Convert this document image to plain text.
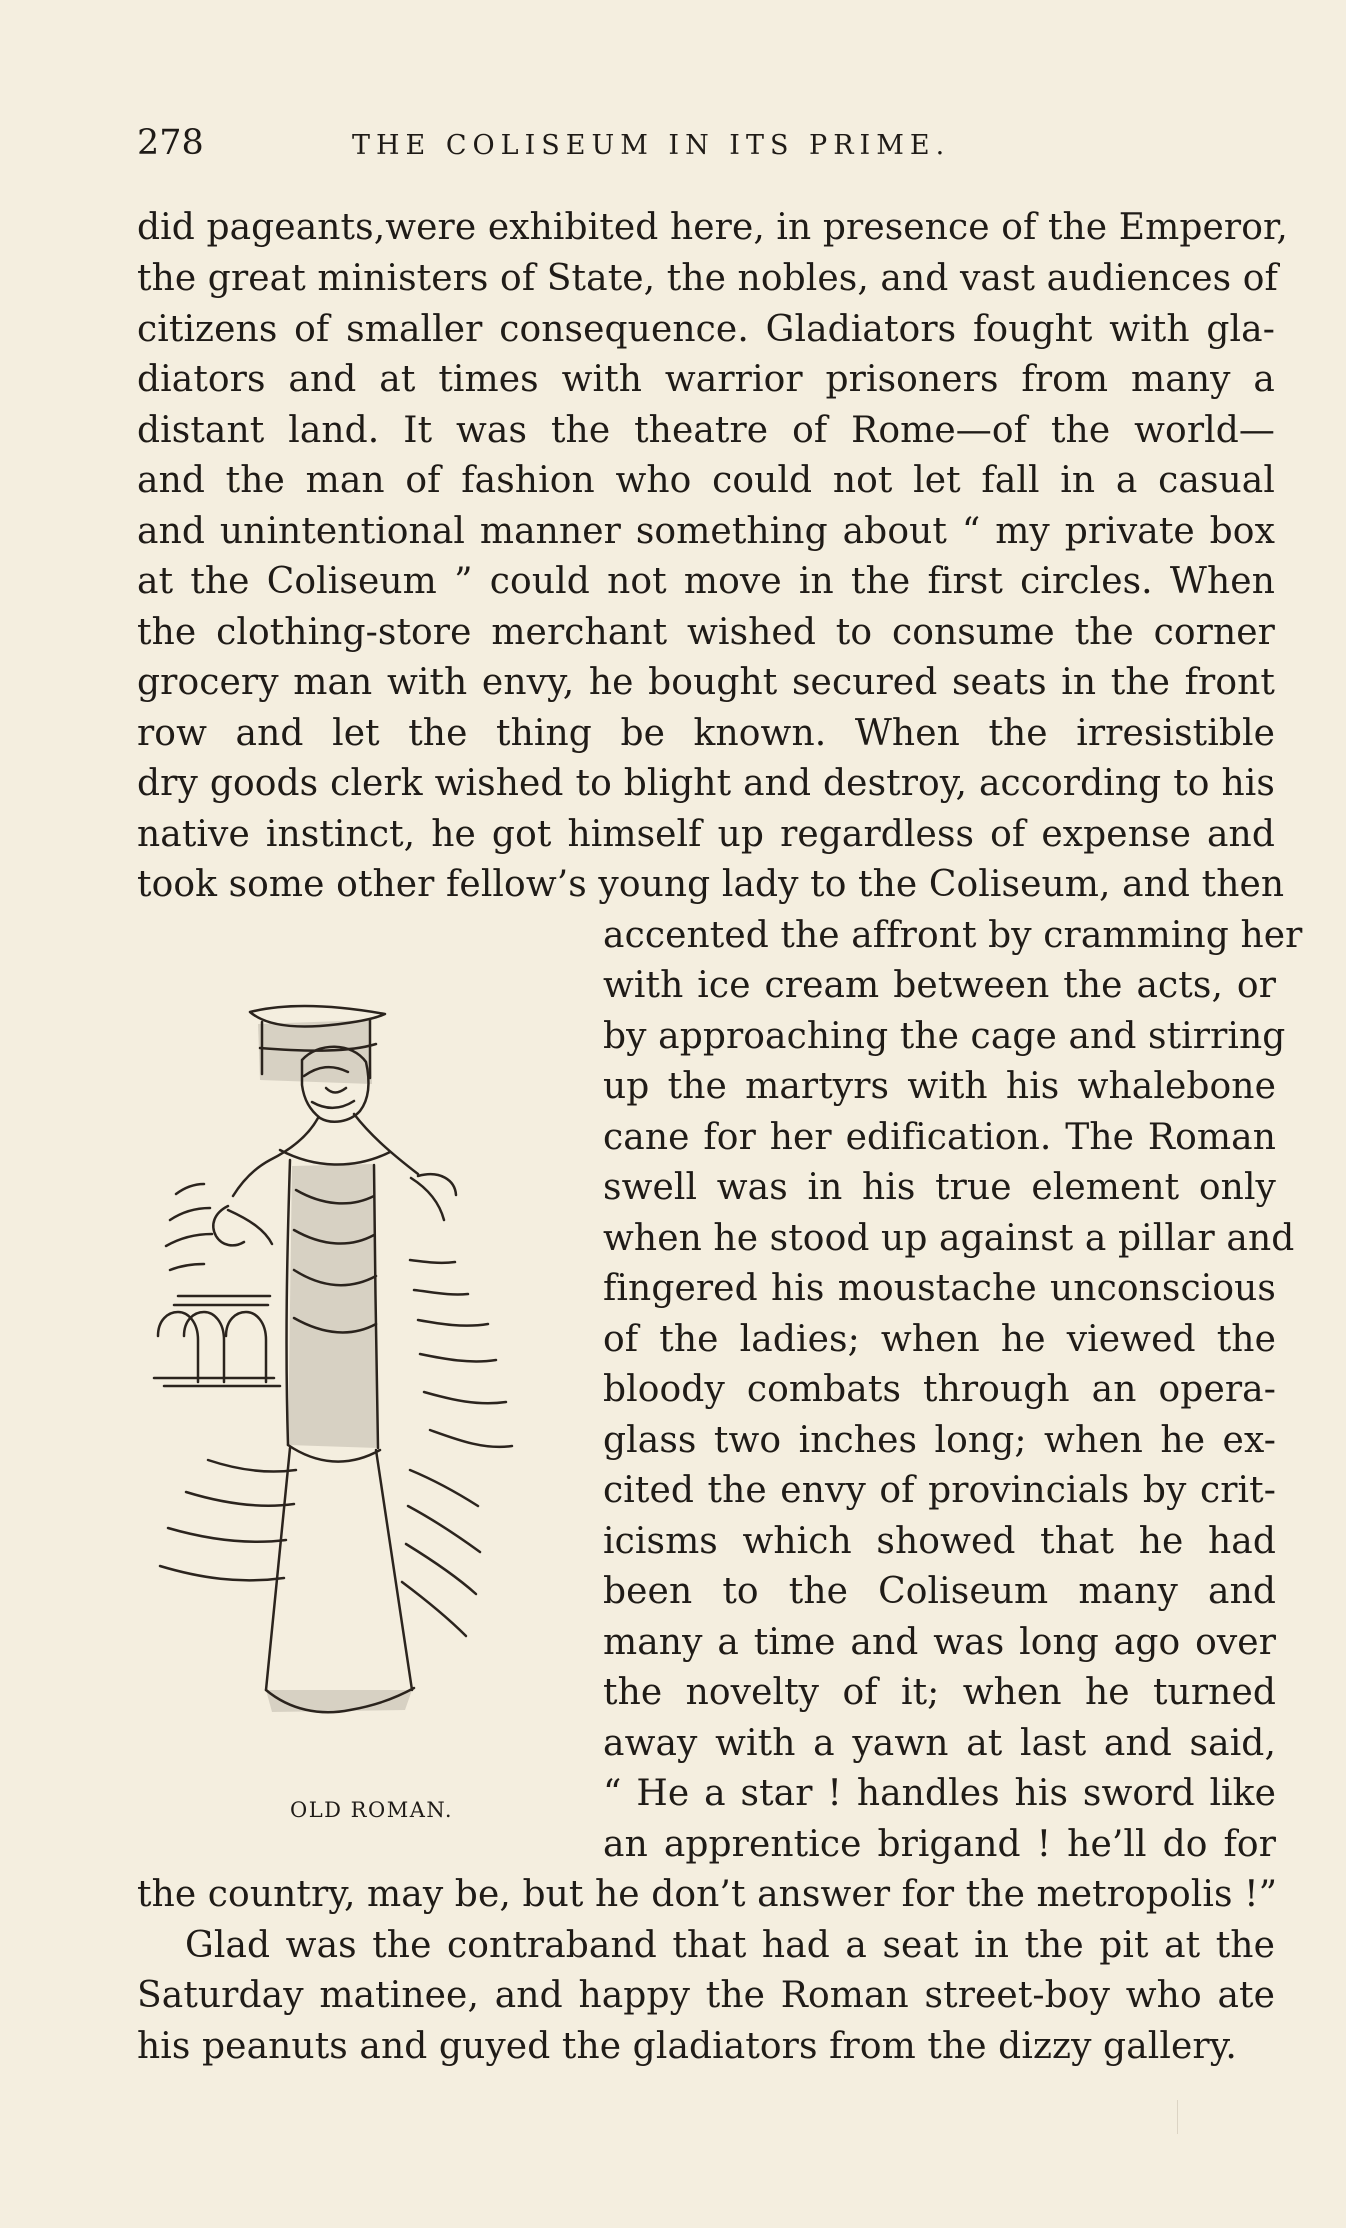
278	THE COLISEUM IN ITS PRIME.
did pageants,were exhibited here, in presence of the Emperor,
the great ministers of State, the nobles, and vast audiences of
citizens of smaller consequence. Gladiators fought with gla-
diators and at times with warrior prisoners from many a
distant land. It was the theatre of Rome—of the world—
and the man of fashion who could not let fall in a casual
and unintentional manner something about “ my private box
at the Coliseum ” could not move in the first circles. When
the clothing-store merchant wished to consume the corner
grocery man with envy, he bought secured seats in the front
row and let the thing be known. When the irresistible
dry goods clerk wished to blight and destroy, according to his
native instinct, he got himself up regardless of expense and
took some other fellow’s young lady to the Coliseum, and then
accented the affront by cramming her
with ice cream between the acts, or
by approaching the cage and stirring
up the martyrs with his whalebone
cane for her edification. The Roman
swell was in his true element only
when he stood up against a pillar and
fingered his moustache unconscious
of the ladies; when he viewed the
bloody combats through an opera-
glass two inches long; when he ex-
cited the envy of provincials by crit-
icisms which showed that he had
been to the Coliseum many and
many a time and was long ago over
the novelty of it; when he turned
away with a yawn at last and said,
“ He a star ! handles his sword like
an apprentice brigand ! he’ll do for
the country, may be, but he don’t answer for the metropolis !”
Glad was the contraband that had a seat in the pit at the
Saturday matinee, and happy the Roman street-boy who ate
his peanuts and guyed the gladiators from the dizzy gallery.
OLD ROMAN.
